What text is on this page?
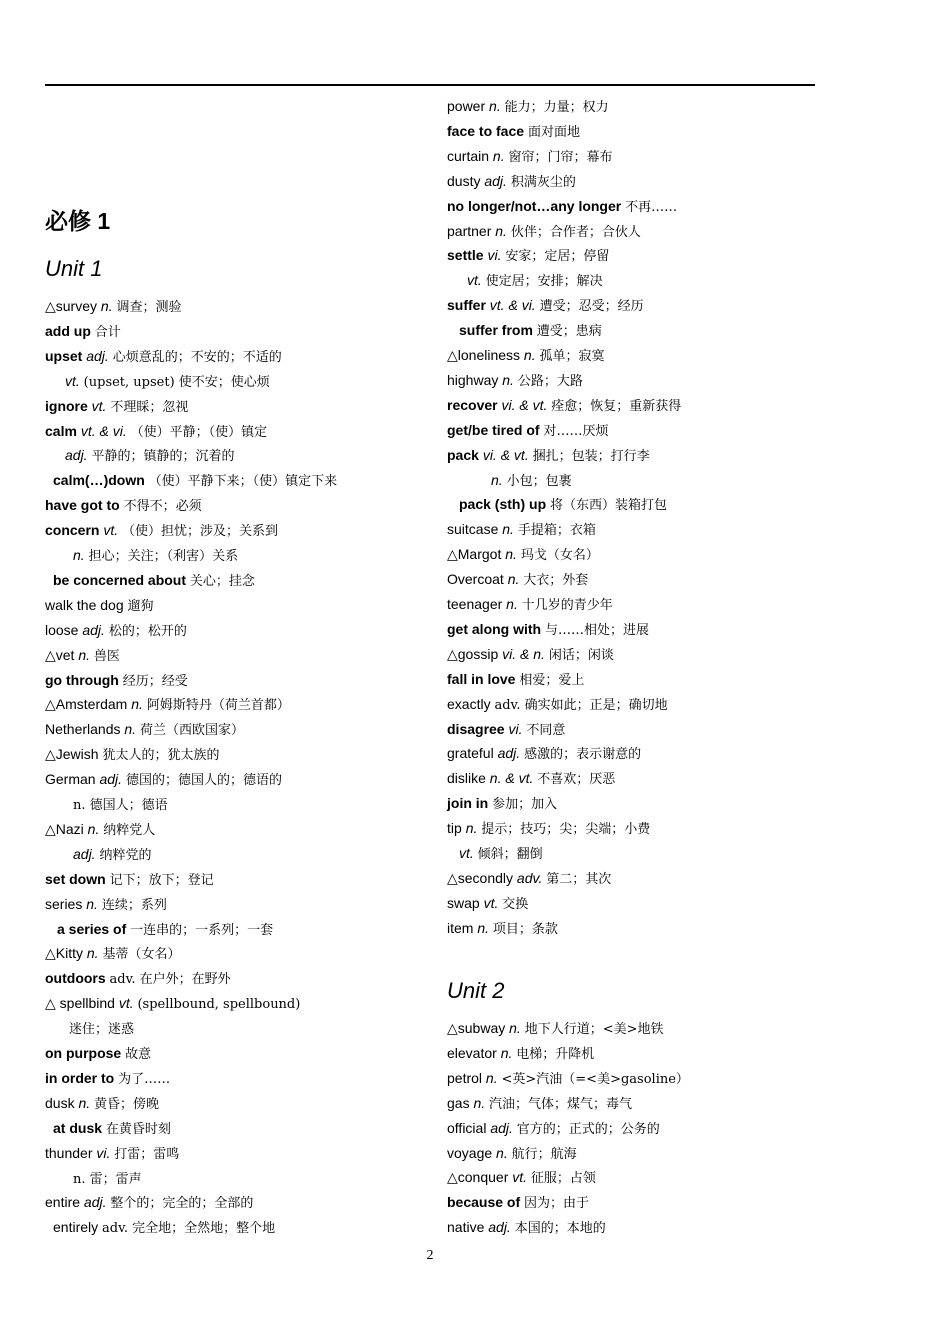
必修 1
Unit 1
△survey n. 调查；测验
add up 合计
upset adj. 心烦意乱的；不安的；不适的
vt. (upset, upset) 使不安；使心烦
ignore vt. 不理睬；忽视
calm vt. & vi. （使）平静；（使）镇定
adj. 平静的；镇静的；沉着的
calm(…)down （使）平静下来；（使）镇定下来
have got to 不得不；必须
concern vt. （使）担忧；涉及；关系到
n. 担心；关注；（利害）关系
be concerned about 关心；挂念
walk the dog 遛狗
loose adj. 松的；松开的
△vet n. 兽医
go through 经历；经受
△Amsterdam n. 阿姆斯特丹（荷兰首都）
Netherlands n. 荷兰（西欧国家）
△Jewish 犹太人的；犹太族的
German adj. 德国的；德国人的；德语的
n. 德国人；德语
△Nazi n. 纳粹党人
adj. 纳粹党的
set down 记下；放下；登记
series n. 连续；系列
a series of 一连串的；一系列；一套
△Kitty n. 基蒂（女名）
outdoors adv. 在户外；在野外
△ spellbind vt. (spellbound, spellbound)
迷住；迷惑
on purpose 故意
in order to 为了……
dusk n. 黄昏；傍晚
at dusk 在黄昏时刻
thunder vi. 打雷；雷鸣
n. 雷；雷声
entire adj. 整个的；完全的；全部的
entirely adv. 完全地；全然地；整个地
power n. 能力；力量；权力
face to face 面对面地
curtain n. 窗帘；门帘；幕布
dusty adj. 积满灰尘的
no longer/not…any longer 不再……
partner n. 伙伴；合作者；合伙人
settle vi. 安家；定居；停留
vt. 使定居；安排；解决
suffer vt. & vi. 遭受；忍受；经历
suffer from 遭受；患病
△loneliness n. 孤单；寂寞
highway n. 公路；大路
recover vi. & vt. 痊愈；恢复；重新获得
get/be tired of 对……厌烦
pack vi. & vt. 捆扎；包装；打行李
n. 小包；包裹
pack (sth) up 将（东西）装箱打包
suitcase n. 手提箱；衣箱
△Margot n. 玛戈（女名）
Overcoat n. 大衣；外套
teenager n. 十几岁的青少年
get along with 与……相处；进展
△gossip vi. & n. 闲话；闲谈
fall in love 相爱；爱上
exactly adv. 确实如此；正是；确切地
disagree vi. 不同意
grateful adj. 感激的；表示谢意的
dislike n. & vt. 不喜欢；厌恶
join in 参加；加入
tip n. 提示；技巧；尖；尖端；小费
vt. 倾斜；翻倒
△secondly adv. 第二；其次
swap vt. 交换
item n. 项目；条款
Unit 2
△subway n. 地下人行道；<美>地铁
elevator n. 电梯；升降机
petrol n. <英>汽油（=<美>gasoline）
gas n. 汽油；气体；煤气；毒气
official adj. 官方的；正式的；公务的
voyage n. 航行；航海
△conquer vt. 征服；占领
because of 因为；由于
native adj. 本国的；本地的
2
